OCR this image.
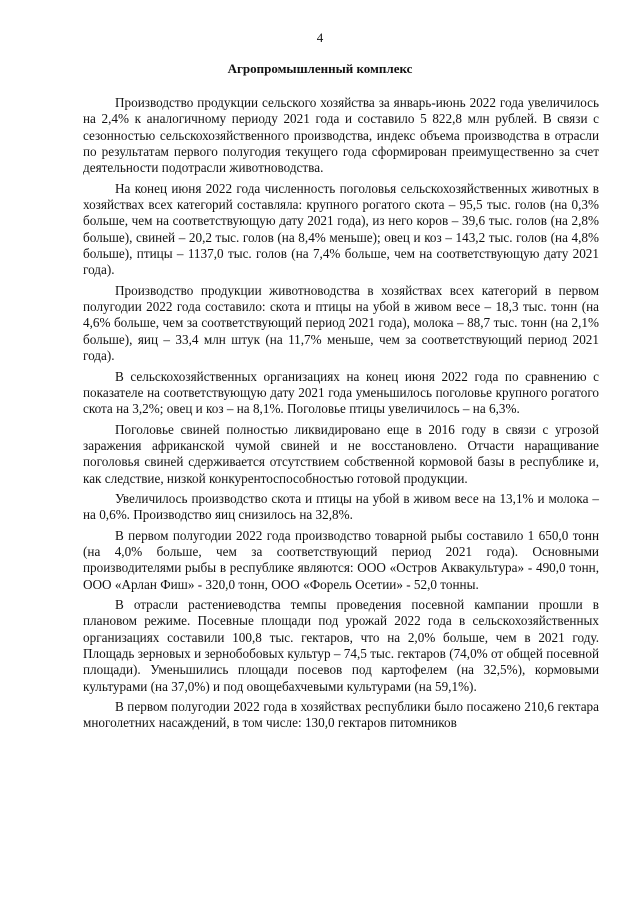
4
Агропромышленный комплекс

Производство продукции сельского хозяйства за январь-июнь 2022 года увеличилось на 2,4% к аналогичному периоду 2021 года и составило 5 822,8 млн рублей. В связи с сезонностью сельскохозяйственного производства, индекс объема производства в отрасли по результатам первого полугодия текущего года сформирован преимущественно за счет деятельности подотрасли животноводства.

На конец июня 2022 года численность поголовья сельскохозяйственных животных в хозяйствах всех категорий составляла: крупного рогатого скота – 95,5 тыс. голов (на 0,3% больше, чем на соответствующую дату 2021 года), из него коров – 39,6 тыс. голов (на 2,8% больше), свиней – 20,2 тыс. голов (на 8,4% меньше); овец и коз – 143,2 тыс. голов (на 4,8% больше), птицы – 1137,0 тыс. голов (на 7,4% больше, чем на соответствующую дату 2021 года).

Производство продукции животноводства в хозяйствах всех категорий в первом полугодии 2022 года составило: скота и птицы на убой в живом весе – 18,3 тыс. тонн (на 4,6% больше, чем за соответствующий период 2021 года), молока – 88,7 тыс. тонн (на 2,1% больше), яиц – 33,4 млн штук (на 11,7% меньше, чем за соответствующий период 2021 года).

В сельскохозяйственных организациях на конец июня 2022 года по сравнению с показателе на соответствующую дату 2021 года уменьшилось поголовье крупного рогатого скота на 3,2%; овец и коз – на 8,1%. Поголовье птицы увеличилось – на 6,3%.

Поголовье свиней полностью ликвидировано еще в 2016 году в связи с угрозой заражения африканской чумой свиней и не восстановлено. Отчасти наращивание поголовья свиней сдерживается отсутствием собственной кормовой базы в республике и, как следствие, низкой конкурентоспособностью готовой продукции.

Увеличилось производство скота и птицы на убой в живом весе на 13,1% и молока – на 0,6%. Производство яиц снизилось на 32,8%.

В первом полугодии 2022 года производство товарной рыбы составило 1 650,0 тонн (на 4,0% больше, чем за соответствующий период 2021 года). Основными производителями рыбы в республике являются: ООО «Остров Аквакультура» - 490,0 тонн, ООО «Арлан Фиш» - 320,0 тонн, ООО «Форель Осетии» - 52,0 тонны.

В отрасли растениеводства темпы проведения посевной кампании прошли в плановом режиме. Посевные площади под урожай 2022 года в сельскохозяйственных организациях составили 100,8 тыс. гектаров, что на 2,0% больше, чем в 2021 году. Площадь зерновых и зернобобовых культур – 74,5 тыс. гектаров (74,0% от общей посевной площади). Уменьшились площади посевов под картофелем (на 32,5%), кормовыми культурами (на 37,0%) и под овощебахчевыми культурами (на 59,1%).

В первом полугодии 2022 года в хозяйствах республики было посажено 210,6 гектара многолетних насаждений, в том числе: 130,0 гектаров питомников
